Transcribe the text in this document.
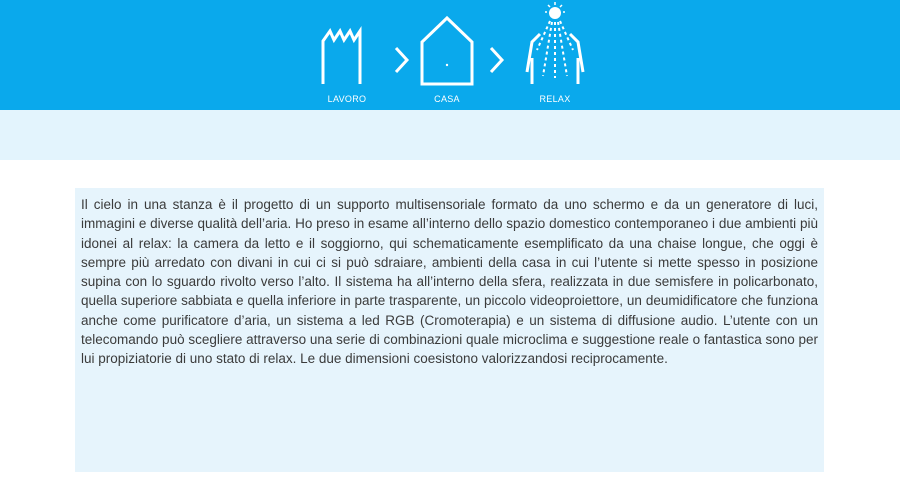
LAVORO	CASA	RELAX

Il cielo in una stanza è il progetto di un supporto multisensoriale formato da uno schermo e da un generatore di luci, immagini e diverse qualità dell’aria. Ho preso in esame all’interno dello spazio domestico contemporaneo i due ambienti più idonei al relax: la camera da letto e il soggiorno, qui schematicamente esemplificato da una chaise longue, che oggi è sempre più arredato con divani in cui ci si può sdraiare, ambienti della casa in cui l’utente si mette spesso in posizione supina con lo sguardo rivolto verso l’alto. Il sistema ha all’interno della sfera, realizzata in due semisfere in policarbonato, quella superiore sabbiata e quella inferiore in parte trasparente, un piccolo videoproiettore, un deumidificatore che funziona anche come purificatore d’aria, un sistema a led RGB (Cromoterapia) e un sistema di diffusione audio. L’utente con un telecomando può scegliere attraverso una serie di combinazioni quale microclima e suggestione reale o fantastica sono per lui propiziatorie di uno stato di relax. Le due dimensioni coesistono valorizzandosi reciprocamente.
